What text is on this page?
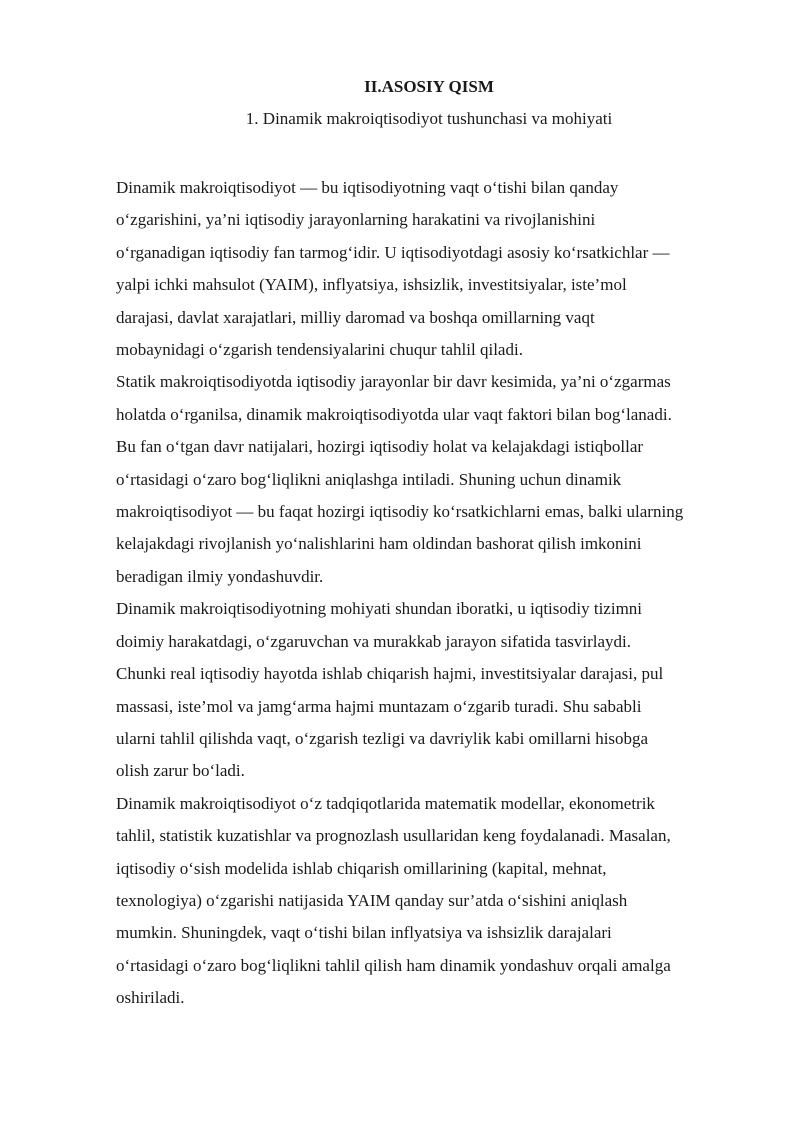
II.ASOSIY QISM
1. Dinamik makroiqtisodiyot tushunchasi va mohiyati
Dinamik makroiqtisodiyot — bu iqtisodiyotning vaqt o‘tishi bilan qanday
o‘zgarishini, ya’ni iqtisodiy jarayonlarning harakatini va rivojlanishini
o‘rganadigan iqtisodiy fan tarmog‘idir. U iqtisodiyotdagi asosiy ko‘rsatkichlar —
yalpi ichki mahsulot (YAIM), inflyatsiya, ishsizlik, investitsiyalar, iste’mol
darajasi, davlat xarajatlari, milliy daromad va boshqa omillarning vaqt
mobaynidagi o‘zgarish tendensiyalarini chuqur tahlil qiladi.
Statik makroiqtisodiyotda iqtisodiy jarayonlar bir davr kesimida, ya’ni o‘zgarmas
holatda o‘rganilsa, dinamik makroiqtisodiyotda ular vaqt faktori bilan bog‘lanadi.
Bu fan o‘tgan davr natijalari, hozirgi iqtisodiy holat va kelajakdagi istiqbollar
o‘rtasidagi o‘zaro bog‘liqlikni aniqlashga intiladi. Shuning uchun dinamik
makroiqtisodiyot — bu faqat hozirgi iqtisodiy ko‘rsatkichlarni emas, balki ularning
kelajakdagi rivojlanish yo‘nalishlarini ham oldindan bashorat qilish imkonini
beradigan ilmiy yondashuvdir.
Dinamik makroiqtisodiyotning mohiyati shundan iboratki, u iqtisodiy tizimni
doimiy harakatdagi, o‘zgaruvchan va murakkab jarayon sifatida tasvirlaydi.
Chunki real iqtisodiy hayotda ishlab chiqarish hajmi, investitsiyalar darajasi, pul
massasi, iste’mol va jamg‘arma hajmi muntazam o‘zgarib turadi. Shu sababli
ularni tahlil qilishda vaqt, o‘zgarish tezligi va davriylik kabi omillarni hisobga
olish zarur bo‘ladi.
Dinamik makroiqtisodiyot o‘z tadqiqotlarida matematik modellar, ekonometrik
tahlil, statistik kuzatishlar va prognozlash usullaridan keng foydalanadi. Masalan,
iqtisodiy o‘sish modelida ishlab chiqarish omillarining (kapital, mehnat,
texnologiya) o‘zgarishi natijasida YAIM qanday sur’atda o‘sishini aniqlash
mumkin. Shuningdek, vaqt o‘tishi bilan inflyatsiya va ishsizlik darajalari
o‘rtasidagi o‘zaro bog‘liqlikni tahlil qilish ham dinamik yondashuv orqali amalga
oshiriladi.
